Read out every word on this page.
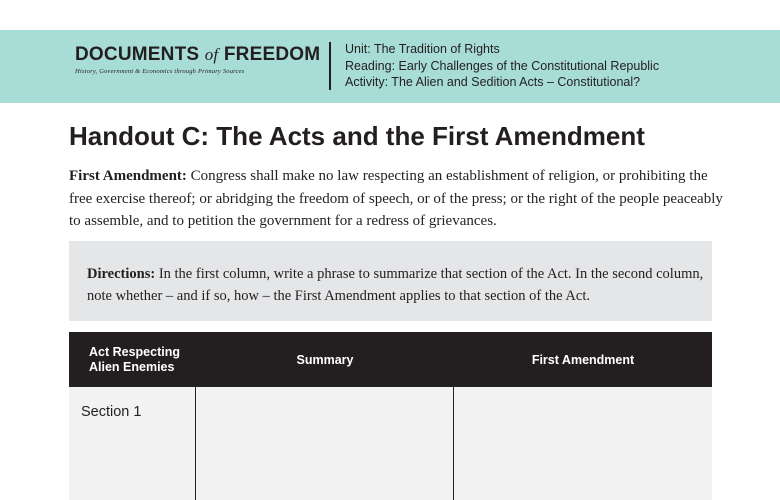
DOCUMENTS of FREEDOM
History, Government & Economics through Primary Sources
Unit: The Tradition of Rights
Reading: Early Challenges of the Constitutional Republic
Activity: The Alien and Sedition Acts – Constitutional?
Handout C: The Acts and the First Amendment
First Amendment: Congress shall make no law respecting an establishment of religion, or prohibiting the free exercise thereof; or abridging the freedom of speech, or of the press; or the right of the people peaceably to assemble, and to petition the government for a redress of grievances.
Directions: In the first column, write a phrase to summarize that section of the Act. In the second column, note whether – and if so, how – the First Amendment applies to that section of the Act.
Act Respecting Alien Enemies	Summary	First Amendment
Section 1
